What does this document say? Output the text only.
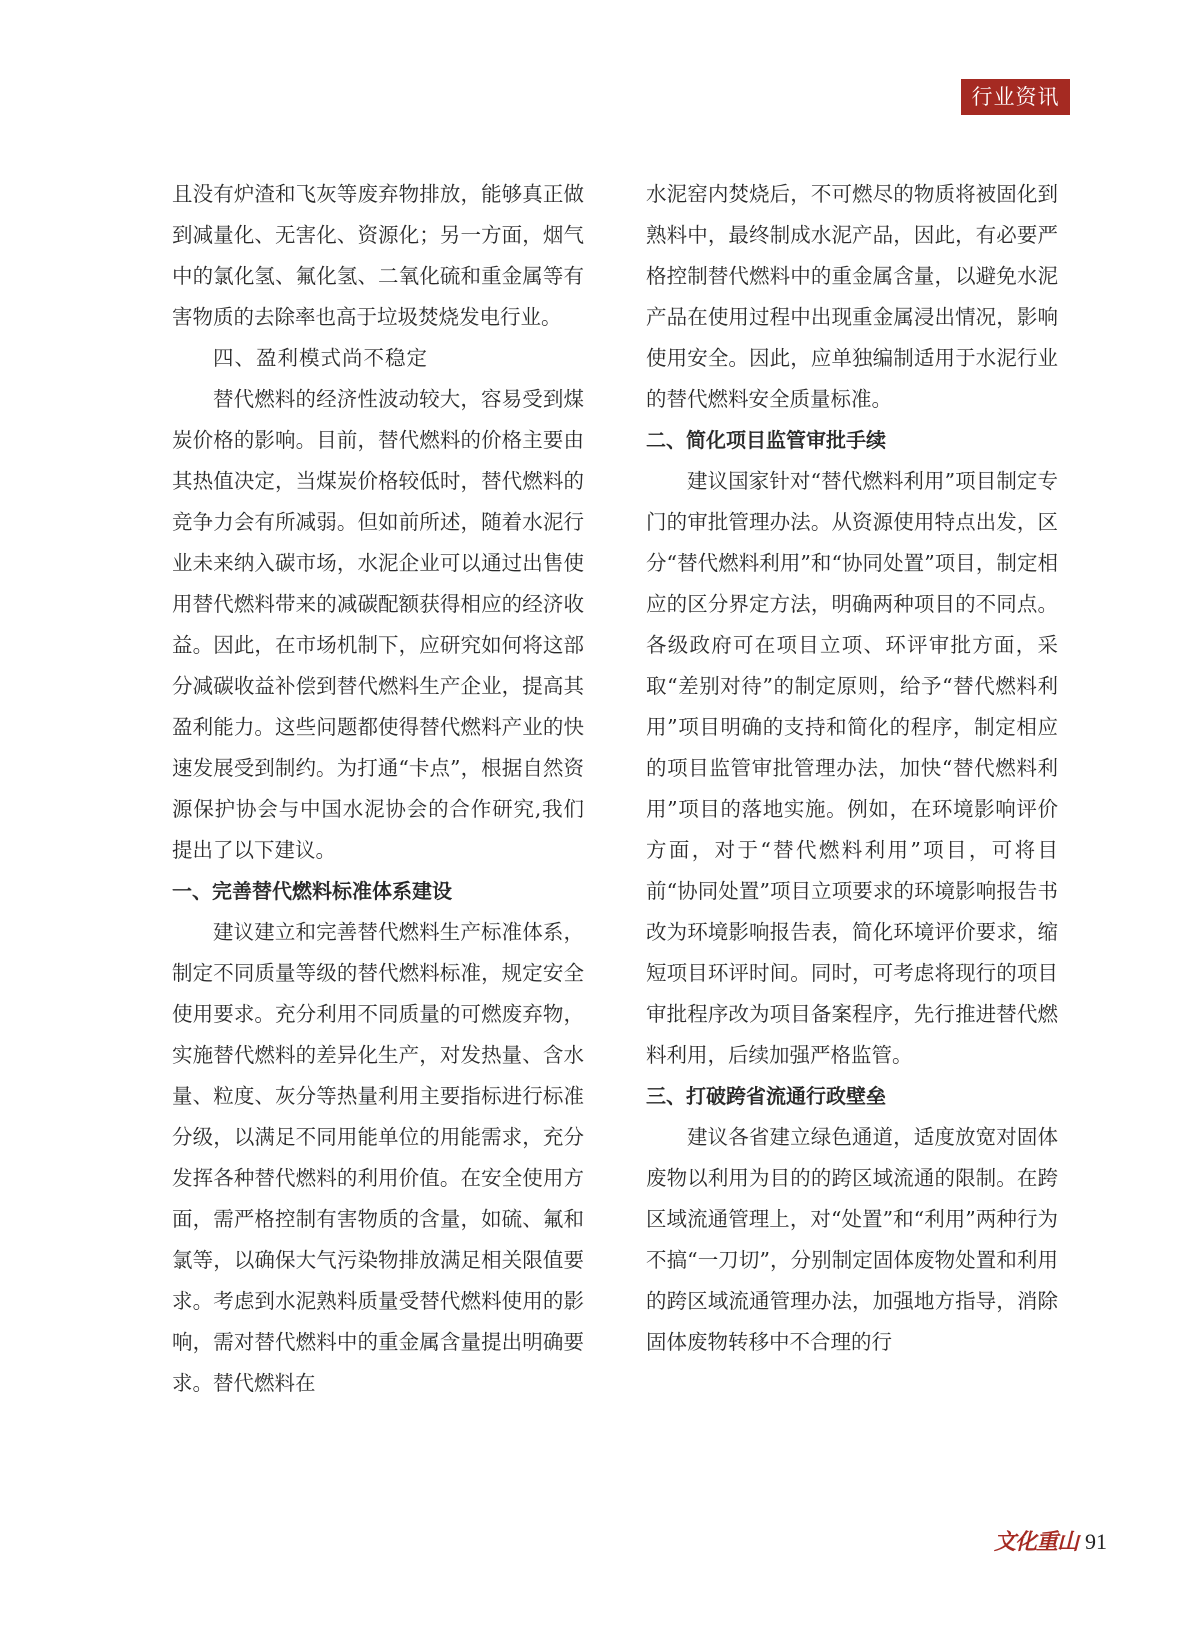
行业资讯

且没有炉渣和飞灰等废弃物排放，能够真正做到减量化、无害化、资源化；另一方面，烟气中的氯化氢、氟化氢、二氧化硫和重金属等有害物质的去除率也高于垃圾焚烧发电行业。

四、盈利模式尚不稳定

替代燃料的经济性波动较大，容易受到煤炭价格的影响。目前，替代燃料的价格主要由其热值决定，当煤炭价格较低时，替代燃料的竞争力会有所减弱。但如前所述，随着水泥行业未来纳入碳市场，水泥企业可以通过出售使用替代燃料带来的减碳配额获得相应的经济收益。因此，在市场机制下，应研究如何将这部分减碳收益补偿到替代燃料生产企业，提高其盈利能力。这些问题都使得替代燃料产业的快速发展受到制约。为打通“卡点”，根据自然资源保护协会与中国水泥协会的合作研究,我们提出了以下建议。

一、完善替代燃料标准体系建设

建议建立和完善替代燃料生产标准体系，制定不同质量等级的替代燃料标准，规定安全使用要求。充分利用不同质量的可燃废弃物，实施替代燃料的差异化生产，对发热量、含水量、粒度、灰分等热量利用主要指标进行标准分级，以满足不同用能单位的用能需求，充分发挥各种替代燃料的利用价值。在安全使用方面，需严格控制有害物质的含量，如硫、氟和氯等，以确保大气污染物排放满足相关限值要求。考虑到水泥熟料质量受替代燃料使用的影响，需对替代燃料中的重金属含量提出明确要求。替代燃料在

水泥窑内焚烧后，不可燃尽的物质将被固化到熟料中，最终制成水泥产品，因此，有必要严格控制替代燃料中的重金属含量，以避免水泥产品在使用过程中出现重金属浸出情况，影响使用安全。因此，应单独编制适用于水泥行业的替代燃料安全质量标准。

二、简化项目监管审批手续

建议国家针对“替代燃料利用”项目制定专门的审批管理办法。从资源使用特点出发，区分“替代燃料利用”和“协同处置”项目，制定相应的区分界定方法，明确两种项目的不同点。各级政府可在项目立项、环评审批方面，采取“差别对待”的制定原则，给予“替代燃料利用”项目明确的支持和简化的程序，制定相应的项目监管审批管理办法，加快“替代燃料利用”项目的落地实施。例如，在环境影响评价方面，对于“替代燃料利用”项目，可将目前“协同处置”项目立项要求的环境影响报告书改为环境影响报告表，简化环境评价要求，缩短项目环评时间。同时，可考虑将现行的项目审批程序改为项目备案程序，先行推进替代燃料利用，后续加强严格监管。

三、打破跨省流通行政壁垒

建议各省建立绿色通道，适度放宽对固体废物以利用为目的的跨区域流通的限制。在跨区域流通管理上，对“处置”和“利用”两种行为不搞“一刀切”，分别制定固体废物处置和利用的跨区域流通管理办法，加强地方指导，消除固体废物转移中不合理的行

文化重山 91
